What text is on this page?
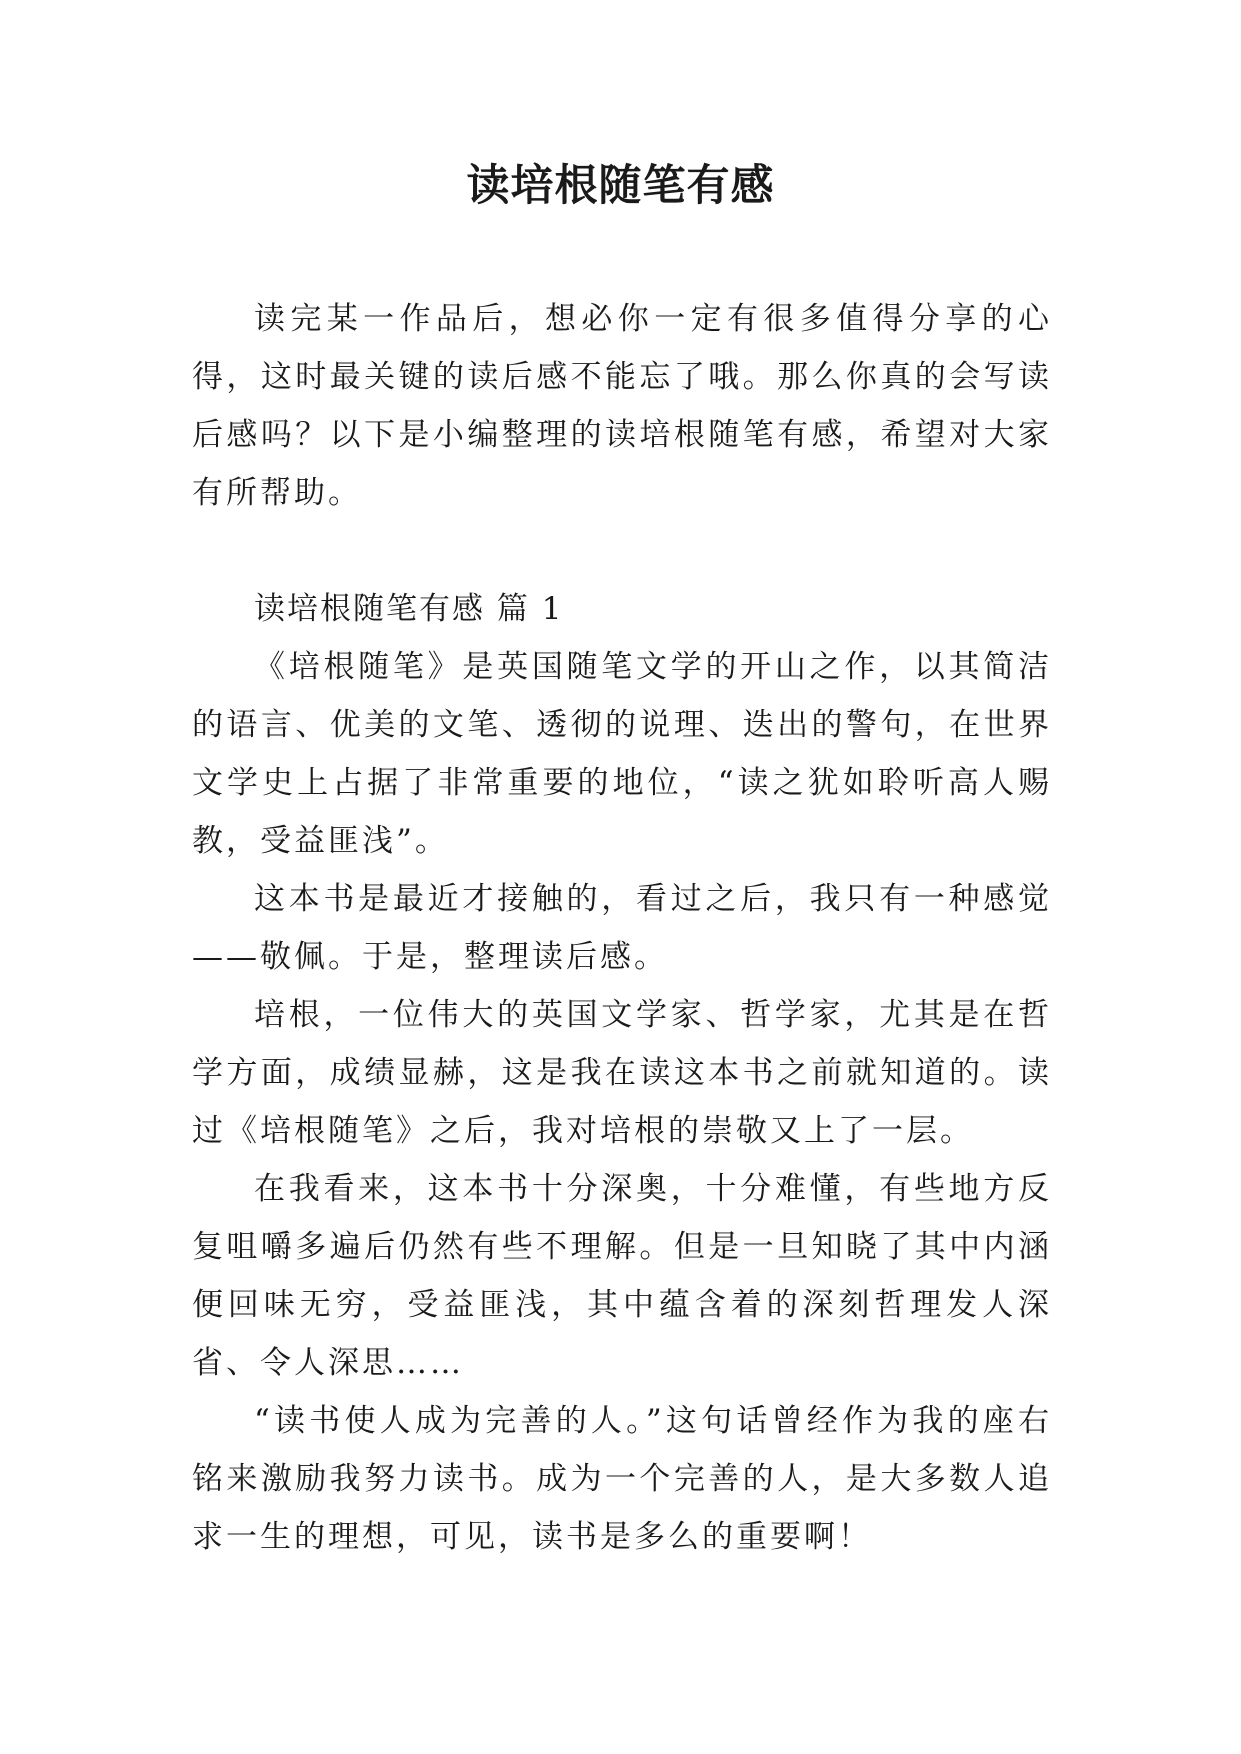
读培根随笔有感

读完某一作品后，想必你一定有很多值得分享的心得，这时最关键的读后感不能忘了哦。那么你真的会写读后感吗？以下是小编整理的读培根随笔有感，希望对大家有所帮助。

读培根随笔有感 篇 1

《培根随笔》是英国随笔文学的开山之作，以其简洁的语言、优美的文笔、透彻的说理、迭出的警句，在世界文学史上占据了非常重要的地位，“读之犹如聆听高人赐教，受益匪浅”。

这本书是最近才接触的，看过之后，我只有一种感觉——敬佩。于是，整理读后感。

培根，一位伟大的英国文学家、哲学家，尤其是在哲学方面，成绩显赫，这是我在读这本书之前就知道的。读过《培根随笔》之后，我对培根的崇敬又上了一层。

在我看来，这本书十分深奥，十分难懂，有些地方反复咀嚼多遍后仍然有些不理解。但是一旦知晓了其中内涵便回味无穷，受益匪浅，其中蕴含着的深刻哲理发人深省、令人深思……

“读书使人成为完善的人。”这句话曾经作为我的座右铭来激励我努力读书。成为一个完善的人，是大多数人追求一生的理想，可见，读书是多么的重要啊！
